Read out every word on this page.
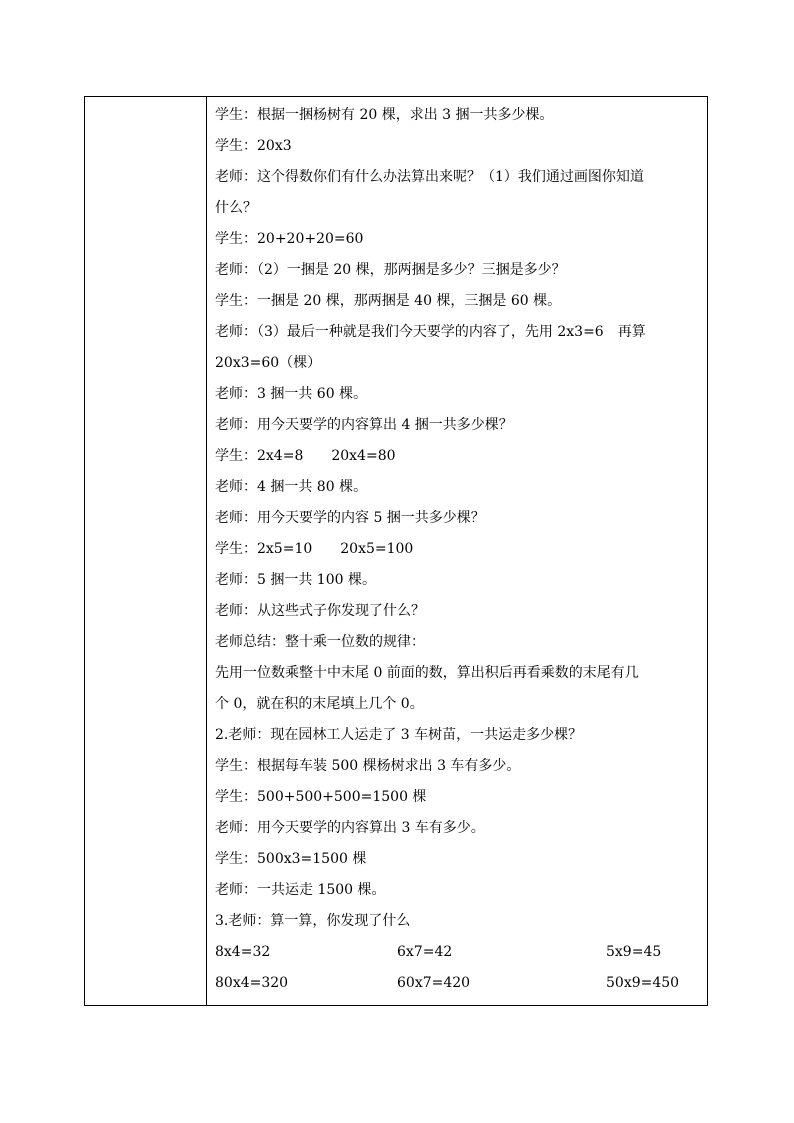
学生：根据一捆杨树有 20 棵，求出 3 捆一共多少棵。
学生：20x3
老师：这个得数你们有什么办法算出来呢？（1）我们通过画图你知道
什么？
学生：20+20+20=60
老师：（2）一捆是 20 棵，那两捆是多少？三捆是多少？
学生：一捆是 20 棵，那两捆是 40 棵，三捆是 60 棵。
老师：（3）最后一种就是我们今天要学的内容了，先用 2x3=6　再算
20x3=60（棵）
老师：3 捆一共 60 棵。
老师：用今天要学的内容算出 4 捆一共多少棵？
学生：2x4=8　　20x4=80
老师：4 捆一共 80 棵。
老师：用今天要学的内容 5 捆一共多少棵？
学生：2x5=10　　20x5=100
老师：5 捆一共 100 棵。
老师：从这些式子你发现了什么？
老师总结：整十乘一位数的规律：
先用一位数乘整十中末尾 0 前面的数，算出积后再看乘数的末尾有几
个 0，就在积的末尾填上几个 0。
2.老师：现在园林工人运走了 3 车树苗，一共运走多少棵？
学生：根据每车装 500 棵杨树求出 3 车有多少。
学生：500+500+500=1500 棵
老师：用今天要学的内容算出 3 车有多少。
学生：500x3=1500 棵
老师：一共运走 1500 棵。
3.老师：算一算，你发现了什么
8x4=32	6x7=42	5x9=45
80x4=320	60x7=420	50x9=450
